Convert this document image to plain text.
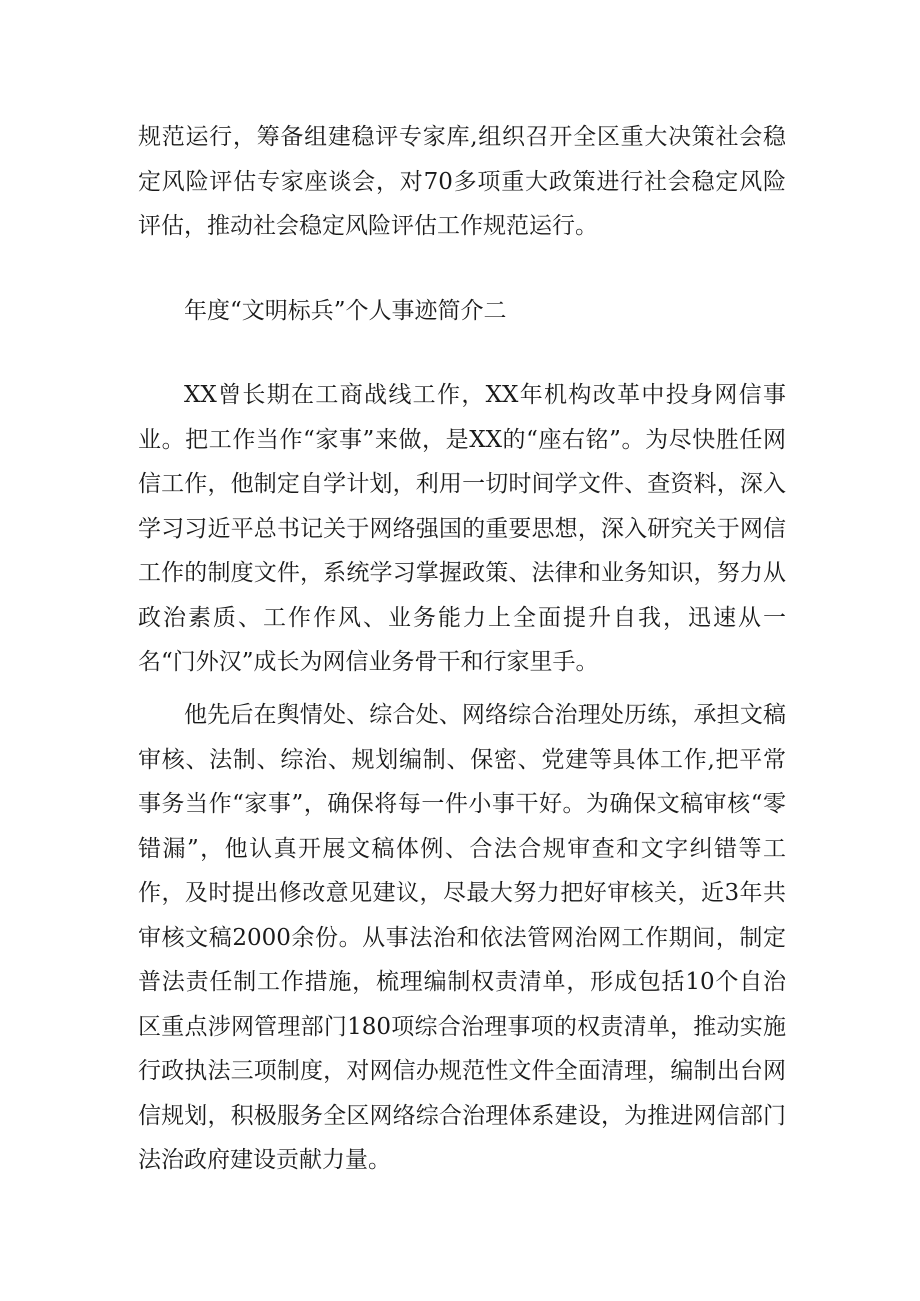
规范运行，筹备组建稳评专家库,组织召开全区重大决策社会稳定风险评估专家座谈会，对70多项重大政策进行社会稳定风险评估，推动社会稳定风险评估工作规范运行。

年度“文明标兵”个人事迹简介二

XX曾长期在工商战线工作，XX年机构改革中投身网信事业。把工作当作“家事”来做，是XX的“座右铭”。为尽快胜任网信工作，他制定自学计划，利用一切时间学文件、查资料，深入学习习近平总书记关于网络强国的重要思想，深入研究关于网信工作的制度文件，系统学习掌握政策、法律和业务知识，努力从政治素质、工作作风、业务能力上全面提升自我，迅速从一名“门外汉”成长为网信业务骨干和行家里手。

他先后在舆情处、综合处、网络综合治理处历练，承担文稿审核、法制、综治、规划编制、保密、党建等具体工作,把平常事务当作“家事”，确保将每一件小事干好。为确保文稿审核“零错漏”，他认真开展文稿体例、合法合规审查和文字纠错等工作，及时提出修改意见建议，尽最大努力把好审核关，近3年共审核文稿2000余份。从事法治和依法管网治网工作期间，制定普法责任制工作措施，梳理编制权责清单，形成包括10个自治区重点涉网管理部门180项综合治理事项的权责清单，推动实施行政执法三项制度，对网信办规范性文件全面清理，编制出台网信规划，积极服务全区网络综合治理体系建设，为推进网信部门法治政府建设贡献力量。
